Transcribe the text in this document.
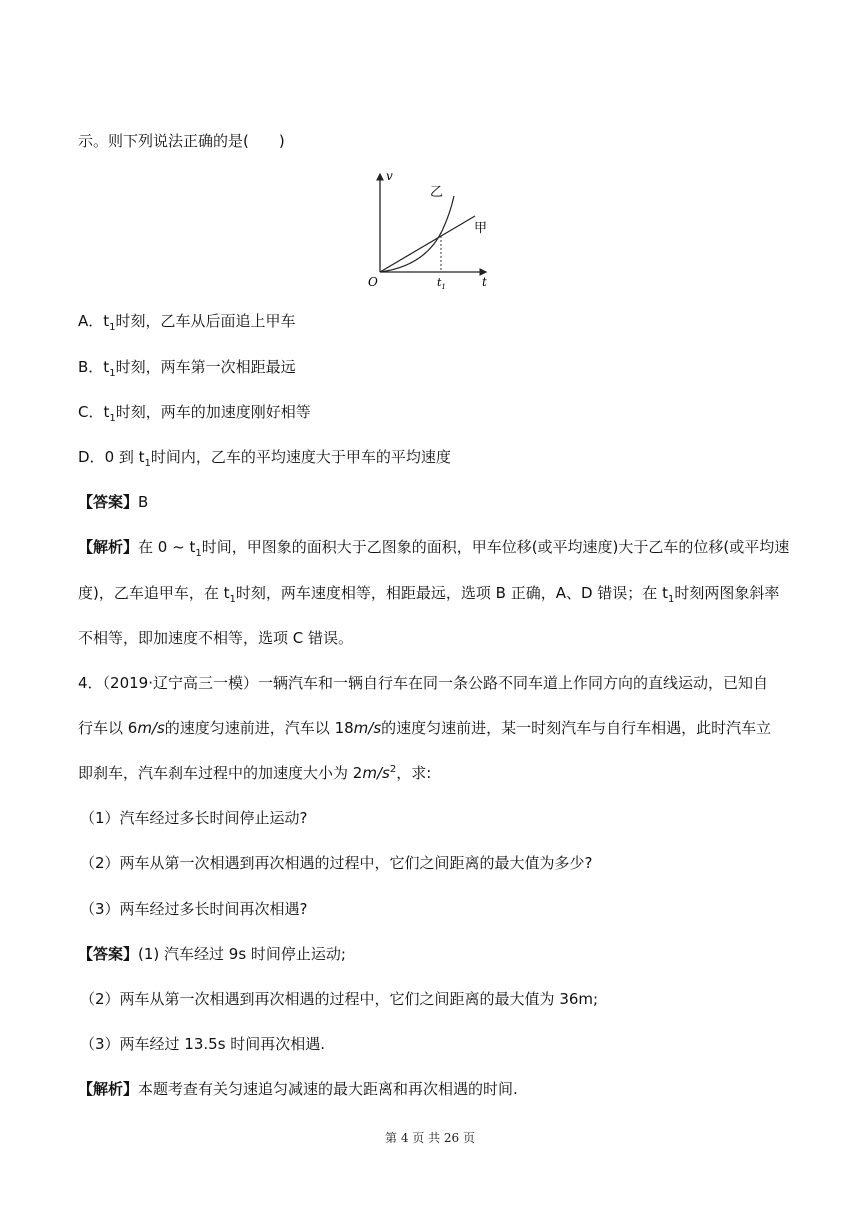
示。则下列说法正确的是(　　)
v
t
O	$t_1$
乙
甲
A．$t_1$时刻，乙车从后面追上甲车
B．$t_1$时刻，两车第一次相距最远
C．$t_1$时刻，两车的加速度刚好相等
D．0 到 $t_1$时间内，乙车的平均速度大于甲车的平均速度
【答案】B
【解析】在 0 ~ $t_1$时间，甲图象的面积大于乙图象的面积，甲车位移(或平均速度)大于乙车的位移(或平均速
度)，乙车追甲车，在 $t_1$时刻，两车速度相等，相距最远，选项 B 正确，A、D 错误；在 $t_1$时刻两图象斜率
不相等，即加速度不相等，选项 C 错误。
4．（2019·辽宁高三一模）一辆汽车和一辆自行车在同一条公路不同车道上作同方向的直线运动，已知自
行车以 6m/s的速度匀速前进，汽车以 18m/s的速度匀速前进，某一时刻汽车与自行车相遇，此时汽车立
即刹车，汽车刹车过程中的加速度大小为 $2m/s^2$，求:
（1）汽车经过多长时间停止运动?
（2）两车从第一次相遇到再次相遇的过程中，它们之间距离的最大值为多少?
（3）两车经过多长时间再次相遇?
【答案】(1) 汽车经过 9s 时间停止运动;
（2）两车从第一次相遇到再次相遇的过程中，它们之间距离的最大值为 36m;
（3）两车经过 13.5s 时间再次相遇.
【解析】本题考查有关匀速追匀减速的最大距离和再次相遇的时间.
第 4 页 共 26 页
